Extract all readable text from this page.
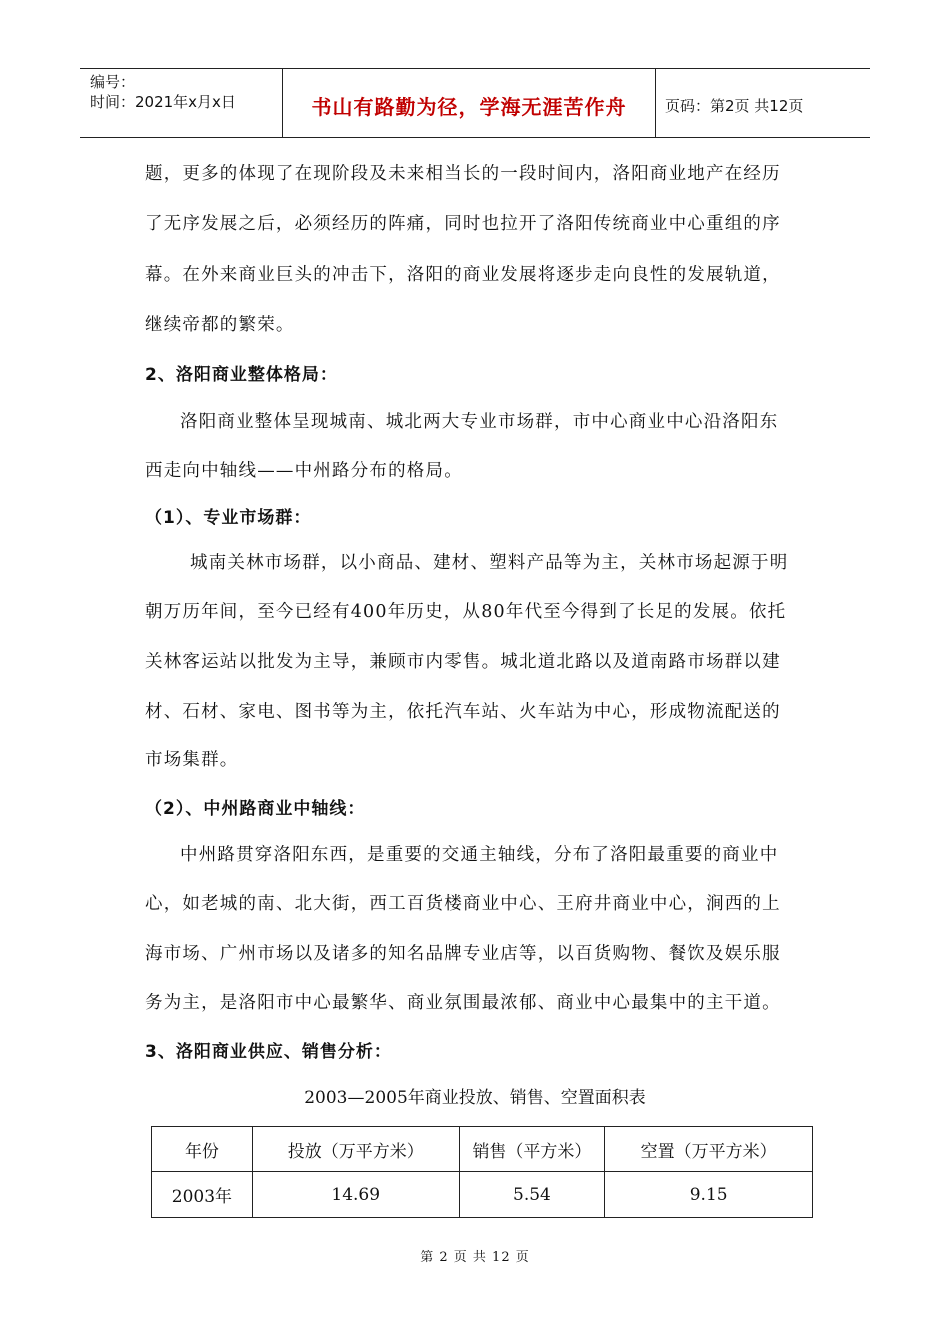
编号：
时间：2021年x月x日	书山有路勤为径，学海无涯苦作舟	页码：第2页 共12页
题，更多的体现了在现阶段及未来相当长的一段时间内，洛阳商业地产在经历
了无序发展之后，必须经历的阵痛，同时也拉开了洛阳传统商业中心重组的序
幕。在外来商业巨头的冲击下，洛阳的商业发展将逐步走向良性的发展轨道，
继续帝都的繁荣。
2、洛阳商业整体格局：
洛阳商业整体呈现城南、城北两大专业市场群，市中心商业中心沿洛阳东
西走向中轴线——中州路分布的格局。
（1）、专业市场群：
城南关林市场群，以小商品、建材、塑料产品等为主，关林市场起源于明
朝万历年间，至今已经有400年历史，从80年代至今得到了长足的发展。依托
关林客运站以批发为主导，兼顾市内零售。城北道北路以及道南路市场群以建
材、石材、家电、图书等为主，依托汽车站、火车站为中心，形成物流配送的
市场集群。
（2）、中州路商业中轴线：
中州路贯穿洛阳东西，是重要的交通主轴线，分布了洛阳最重要的商业中
心，如老城的南、北大街，西工百货楼商业中心、王府井商业中心，涧西的上
海市场、广州市场以及诸多的知名品牌专业店等，以百货购物、餐饮及娱乐服
务为主，是洛阳市中心最繁华、商业氛围最浓郁、商业中心最集中的主干道。
3、洛阳商业供应、销售分析：
2003—2005年商业投放、销售、空置面积表
年份	投放（万平方米）	销售（平方米）	空置（万平方米）
2003年	14.69	5.54	9.15
第 2 页 共 12 页
